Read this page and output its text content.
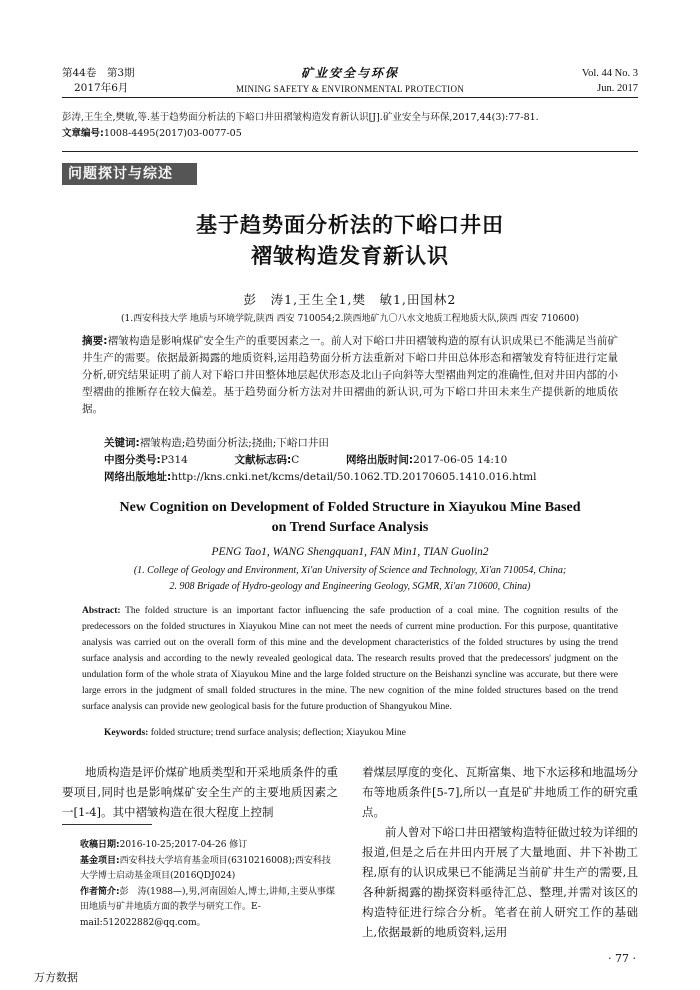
第44卷　第3期
2017年6月
矿业安全与环保
MINING SAFETY & ENVIRONMENTAL PROTECTION
Vol. 44 No. 3
Jun. 2017
彭涛,王生全,樊敏,等.基于趋势面分析法的下峪口井田褶皱构造发育新认识[J].矿业安全与环保,2017,44(3):77-81.
文章编号:1008-4495(2017)03-0077-05
问题探讨与综述
基于趋势面分析法的下峪口井田
褶皱构造发育新认识
彭　涛1,王生全1,樊　敏1,田国林2
(1.西安科技大学 地质与环境学院,陕西 西安 710054;2.陕西地矿九〇八水文地质工程地质大队,陕西 西安 710600)
摘要:褶皱构造是影响煤矿安全生产的重要因素之一。前人对下峪口井田褶皱构造的原有认识成果已不能满足当前矿井生产的需要。依据最新揭露的地质资料,运用趋势面分析方法重新对下峪口井田总体形态和褶皱发育特征进行定量分析,研究结果证明了前人对下峪口井田整体地层起伏形态及北山子向斜等大型褶曲判定的准确性,但对井田内部的小型褶曲的推断存在较大偏差。基于趋势面分析方法对井田褶曲的新认识,可为下峪口井田未来生产提供新的地质依据。
关键词:褶皱构造;趋势面分析法;挠曲;下峪口井田
中图分类号:P314	文献标志码:C	网络出版时间:2017-06-05 14:10
网络出版地址:http://kns.cnki.net/kcms/detail/50.1062.TD.20170605.1410.016.html
New Cognition on Development of Folded Structure in Xiayukou Mine Based
on Trend Surface Analysis
PENG Tao1, WANG Shengquan1, FAN Min1, TIAN Guolin2
(1. College of Geology and Environment, Xi'an University of Science and Technology, Xi'an 710054, China;
2. 908 Brigade of Hydro-geology and Engineering Geology, SGMR, Xi'an 710600, China)
Abstract: The folded structure is an important factor influencing the safe production of a coal mine. The cognition results of the predecessors on the folded structures in Xiayukou Mine can not meet the needs of current mine production. For this purpose, quantitative analysis was carried out on the overall form of this mine and the development characteristics of the folded structures by using the trend surface analysis and according to the newly revealed geological data. The research results proved that the predecessors' judgment on the undulation form of the whole strata of Xiayukou Mine and the large folded structure on the Beishanzi syncline was accurate, but there were large errors in the judgment of small folded structures in the mine. The new cognition of the mine folded structures based on the trend surface analysis can provide new geological basis for the future production of Shangyukou Mine.
Keywords: folded structure; trend surface analysis; deflection; Xiayukou Mine
地质构造是评价煤矿地质类型和开采地质条件的重要项目,同时也是影响煤矿安全生产的主要地质因素之一[1-4]。其中褶皱构造在很大程度上控制
着煤层厚度的变化、瓦斯富集、地下水运移和地温场分布等地质条件[5-7],所以一直是矿井地质工作的研究重点。
前人曾对下峪口井田褶皱构造特征做过较为详细的报道,但是之后在井田内开展了大量地面、井下补勘工程,原有的认识成果已不能满足当前矿井生产的需要,且各种新揭露的勘探资料亟待汇总、整理,并需对该区的构造特征进行综合分析。笔者在前人研究工作的基础上,依据最新的地质资料,运用
收稿日期:2016-10-25;2017-04-26 修订
基金项目:西安科技大学培育基金项目(6310216008);西安科技大学博士启动基金项目(2016QDJ024)
作者简介:彭　涛(1988—),男,河南固始人,博士,讲师,主要从事煤田地质与矿井地质方面的教学与研究工作。E-mail:512022882@qq.com。
· 77 ·
万方数据
